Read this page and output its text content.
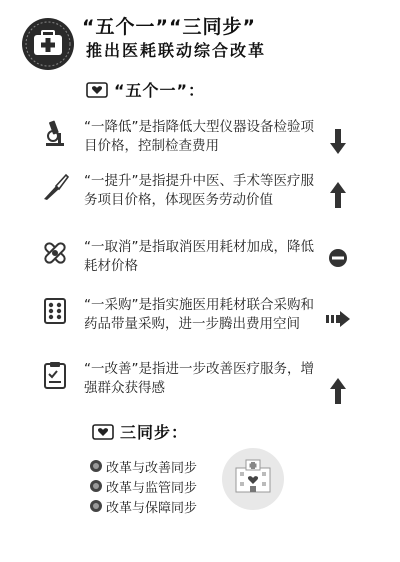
“五个一”“三同步”
推出医耗联动综合改革
“五个一”：
“一降低”是指降低大型仪器设备检验项目价格，控制检查费用
“一提升”是指提升中医、手术等医疗服务项目价格，体现医务劳动价值
“一取消”是指取消医用耗材加成，降低耗材价格
“一采购”是指实施医用耗材联合采购和药品带量采购，进一步腾出费用空间
“一改善”是指进一步改善医疗服务，增强群众获得感
三同步：
改革与改善同步
改革与监管同步
改革与保障同步
